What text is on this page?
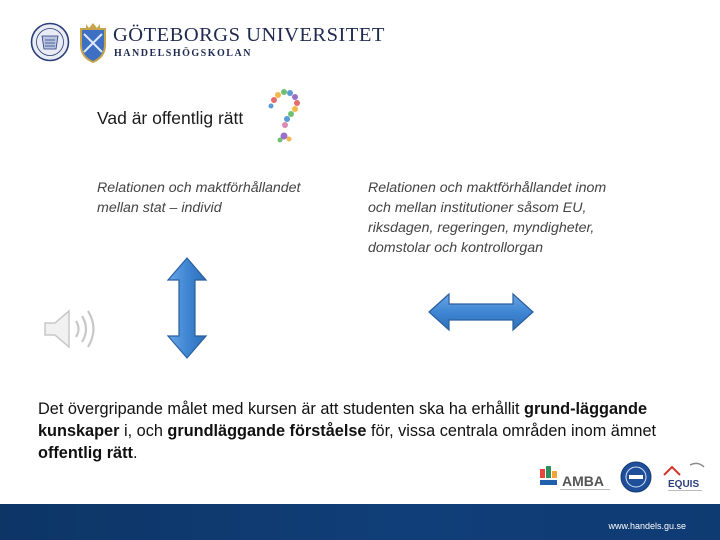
GÖTEBORGS UNIVERSITET
HANDELSHÖGSKOLAN
Vad är offentlig rätt
Relationen och maktförhållandet mellan stat – individ
Relationen och maktförhållandet inom och mellan institutioner såsom EU, riksdagen, regeringen, myndigheter, domstolar och kontrollorgan
Det övergripande målet med kursen är att studenten ska ha erhållit grund-läggande kunskaper i, och grundläggande förståelse för, vissa centrala områden inom ämnet offentlig rätt.
AMBA	EQUIS
www.handels.gu.se
